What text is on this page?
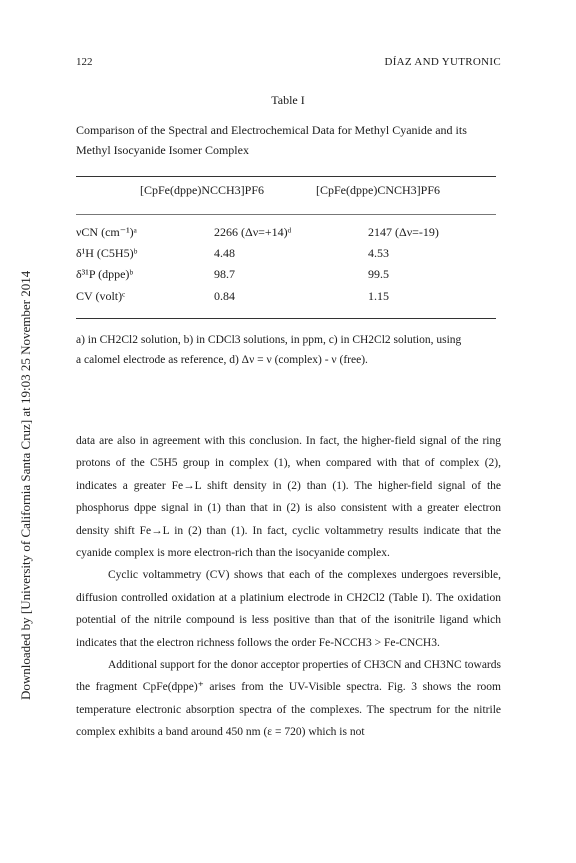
Downloaded by [University of California Santa Cruz] at 19:03 25 November 2014
122	DÍAZ AND YUTRONIC
Table I
Comparison of the Spectral and Electrochemical Data for Methyl Cyanide and its Methyl Isocyanide Isomer Complex
[CpFe(dppe)NCCH3]PF6	[CpFe(dppe)CNCH3]PF6
νCN (cm⁻¹)ᵃ	2266 (Δν=+14)ᵈ	2147 (Δν=-19)
δ¹H (C5H5)ᵇ	4.48	4.53
δ³¹P (dppe)ᵇ	98.7	99.5
CV (volt)ᶜ	0.84	1.15
a) in CH2Cl2 solution, b) in CDCl3 solutions, in ppm, c) in CH2Cl2 solution, using
a calomel electrode as reference, d) Δν = ν (complex) - ν (free).

data are also in agreement with this conclusion. In fact, the higher-field signal of the ring protons of the C5H5 group in complex (1), when compared with that of complex (2), indicates a greater Fe→L shift density in (2) than (1). The higher-field signal of the phosphorus dppe signal in (1) than that in (2) is also consistent with a greater electron density shift Fe→L in (2) than (1). In fact, cyclic voltammetry results indicate that the cyanide complex is more electron-rich than the isocyanide complex.

Cyclic voltammetry (CV) shows that each of the complexes undergoes reversible, diffusion controlled oxidation at a platinium electrode in CH2Cl2 (Table I). The oxidation potential of the nitrile compound is less positive than that of the isonitrile ligand which indicates that the electron richness follows the order Fe-NCCH3 > Fe-CNCH3.

Additional support for the donor acceptor properties of CH3CN and CH3NC towards the fragment CpFe(dppe)⁺ arises from the UV-Visible spectra. Fig. 3 shows the room temperature electronic absorption spectra of the complexes. The spectrum for the nitrile complex exhibits a band around 450 nm (ε = 720) which is not
